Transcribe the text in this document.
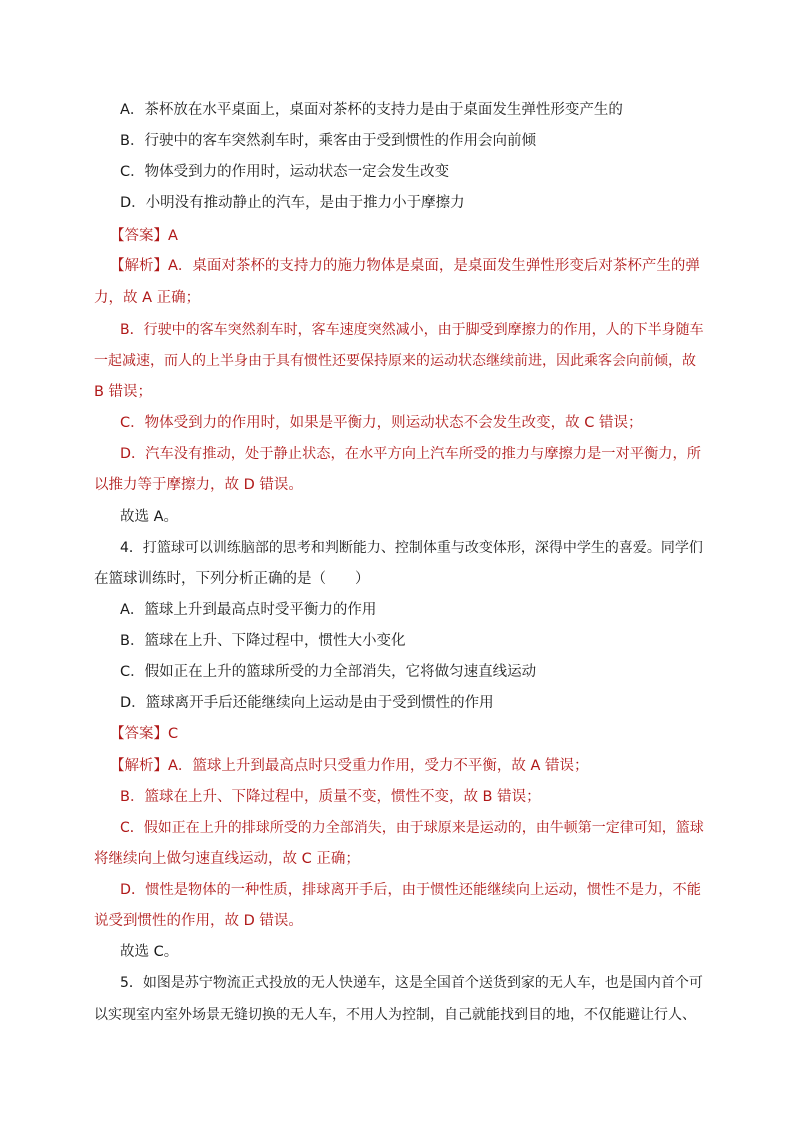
A．茶杯放在水平桌面上，桌面对茶杯的支持力是由于桌面发生弹性形变产生的
B．行驶中的客车突然刹车时，乘客由于受到惯性的作用会向前倾
C．物体受到力的作用时，运动状态一定会发生改变
D．小明没有推动静止的汽车，是由于推力小于摩擦力
【答案】A
【解析】A．桌面对茶杯的支持力的施力物体是桌面，是桌面发生弹性形变后对茶杯产生的弹
力，故 A 正确；
B．行驶中的客车突然刹车时，客车速度突然减小，由于脚受到摩擦力的作用，人的下半身随车
一起减速，而人的上半身由于具有惯性还要保持原来的运动状态继续前进，因此乘客会向前倾，故
B 错误；
C．物体受到力的作用时，如果是平衡力，则运动状态不会发生改变，故 C 错误；
D．汽车没有推动，处于静止状态，在水平方向上汽车所受的推力与摩擦力是一对平衡力，所
以推力等于摩擦力，故 D 错误。
故选 A。
4．打篮球可以训练脑部的思考和判断能力、控制体重与改变体形，深得中学生的喜爱。同学们
在篮球训练时，下列分析正确的是（　　）
A．篮球上升到最高点时受平衡力的作用
B．篮球在上升、下降过程中，惯性大小变化
C．假如正在上升的篮球所受的力全部消失，它将做匀速直线运动
D．篮球离开手后还能继续向上运动是由于受到惯性的作用
【答案】C
【解析】A．篮球上升到最高点时只受重力作用，受力不平衡，故 A 错误；
B．篮球在上升、下降过程中，质量不变，惯性不变，故 B 错误；
C．假如正在上升的排球所受的力全部消失，由于球原来是运动的，由牛顿第一定律可知，篮球
将继续向上做匀速直线运动，故 C 正确；
D．惯性是物体的一种性质，排球离开手后，由于惯性还能继续向上运动，惯性不是力，不能
说受到惯性的作用，故 D 错误。
故选 C。
5．如图是苏宁物流正式投放的无人快递车，这是全国首个送货到家的无人车，也是国内首个可
以实现室内室外场景无缝切换的无人车，不用人为控制，自己就能找到目的地，不仅能避让行人、
